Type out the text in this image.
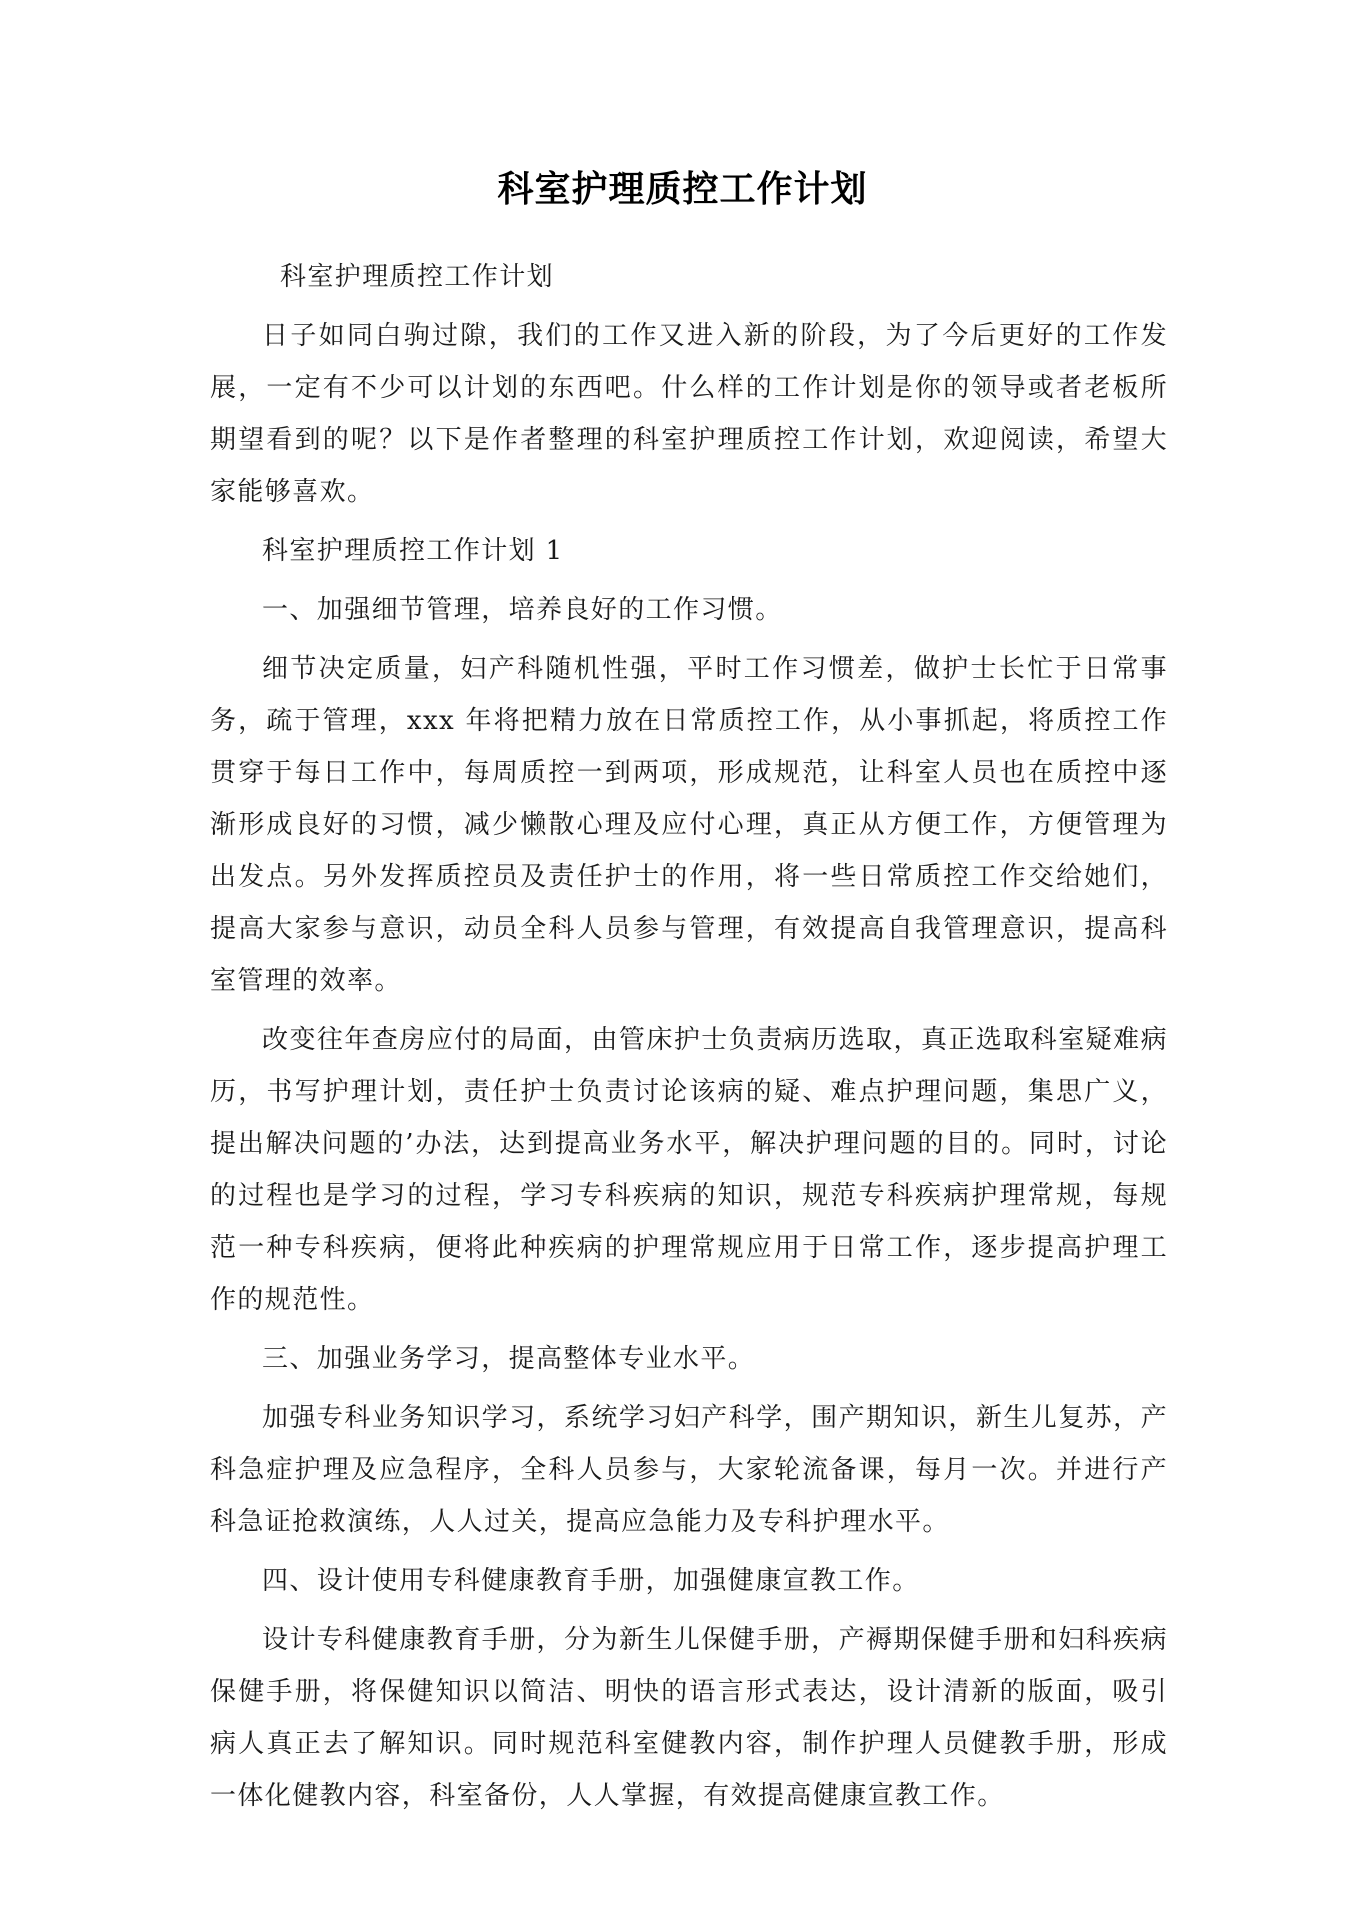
科室护理质控工作计划

科室护理质控工作计划

日子如同白驹过隙，我们的工作又进入新的阶段，为了今后更好的工作发展，一定有不少可以计划的东西吧。什么样的工作计划是你的领导或者老板所期望看到的呢？以下是作者整理的科室护理质控工作计划，欢迎阅读，希望大家能够喜欢。

科室护理质控工作计划 1

一、加强细节管理，培养良好的工作习惯。

细节决定质量，妇产科随机性强，平时工作习惯差，做护士长忙于日常事务，疏于管理，xxx 年将把精力放在日常质控工作，从小事抓起，将质控工作贯穿于每日工作中，每周质控一到两项，形成规范，让科室人员也在质控中逐渐形成良好的习惯，减少懒散心理及应付心理，真正从方便工作，方便管理为出发点。另外发挥质控员及责任护士的作用，将一些日常质控工作交给她们，提高大家参与意识，动员全科人员参与管理，有效提高自我管理意识，提高科室管理的效率。

改变往年查房应付的局面，由管床护士负责病历选取，真正选取科室疑难病历，书写护理计划，责任护士负责讨论该病的疑、难点护理问题，集思广义，提出解决问题的’办法，达到提高业务水平，解决护理问题的目的。同时，讨论的过程也是学习的过程，学习专科疾病的知识，规范专科疾病护理常规，每规范一种专科疾病，便将此种疾病的护理常规应用于日常工作，逐步提高护理工作的规范性。

三、加强业务学习，提高整体专业水平。

加强专科业务知识学习，系统学习妇产科学，围产期知识，新生儿复苏，产科急症护理及应急程序，全科人员参与，大家轮流备课，每月一次。并进行产科急证抢救演练，人人过关，提高应急能力及专科护理水平。

四、设计使用专科健康教育手册，加强健康宣教工作。

设计专科健康教育手册，分为新生儿保健手册，产褥期保健手册和妇科疾病保健手册，将保健知识以简洁、明快的语言形式表达，设计清新的版面，吸引病人真正去了解知识。同时规范科室健教内容，制作护理人员健教手册，形成一体化健教内容，科室备份，人人掌握，有效提高健康宣教工作。
